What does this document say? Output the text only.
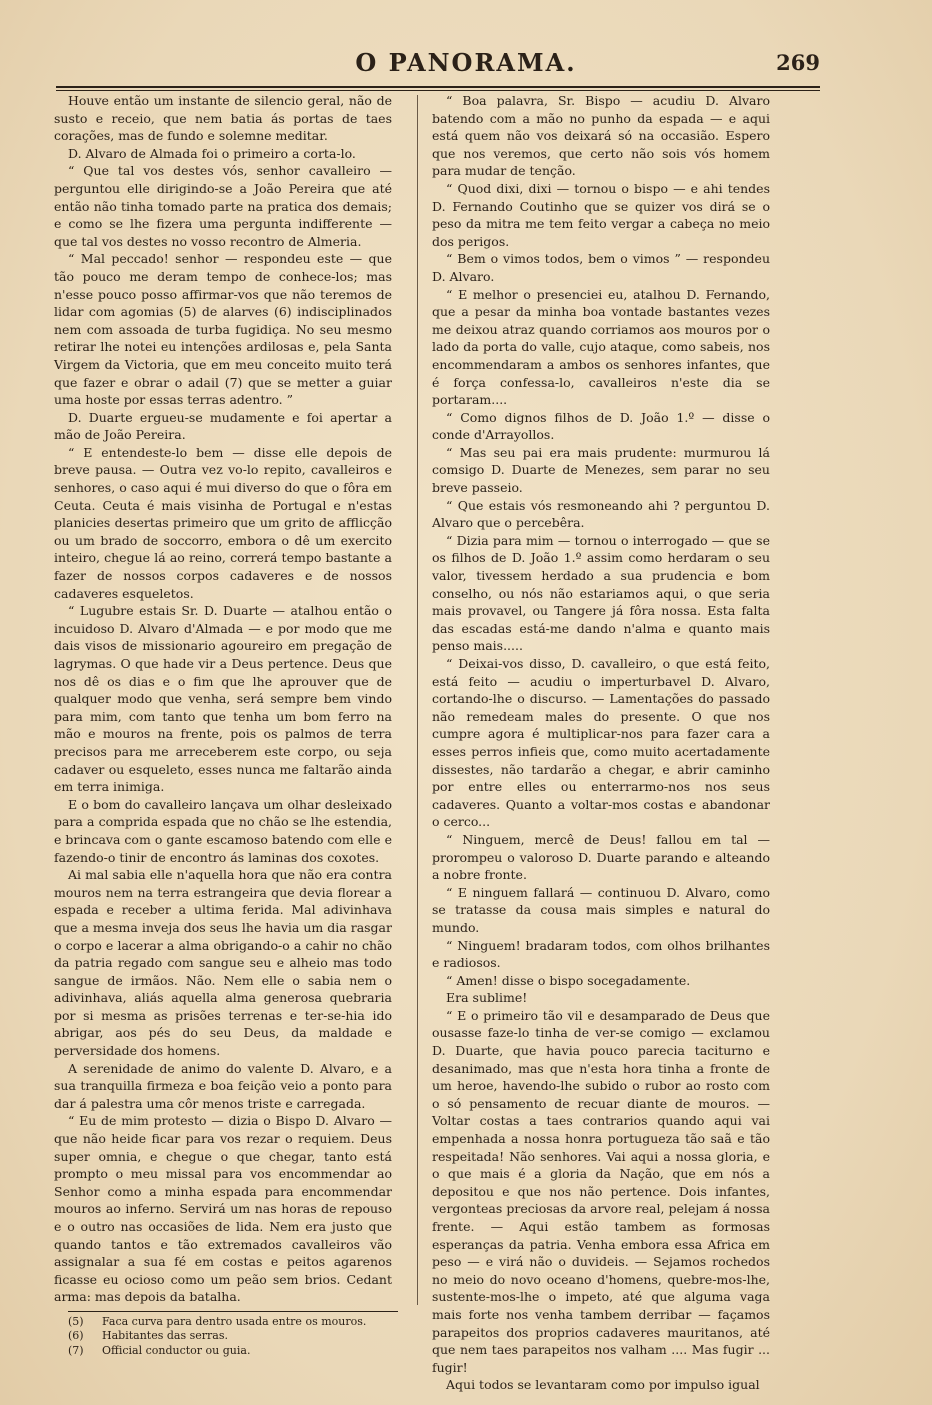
O PANORAMA.	269

Houve então um instante de silencio geral, não de susto e receio, que nem batia ás portas de taes corações, mas de fundo e solemne meditar.

D. Alvaro de Almada foi o primeiro a corta-lo.

“ Que tal vos destes vós, senhor cavalleiro — perguntou elle dirigindo-se a João Pereira que até então não tinha tomado parte na pratica dos demais; e como se lhe fizera uma pergunta indifferente — que tal vos destes no vosso recontro de Almeria.

“ Mal peccado! senhor — respondeu este — que tão pouco me deram tempo de conhece-los; mas n'esse pouco posso affirmar-vos que não teremos de lidar com agomias (5) de alarves (6) indisciplinados nem com assoada de turba fugidiça. No seu mesmo retirar lhe notei eu intenções ardilosas e, pela Santa Virgem da Victoria, que em meu conceito muito terá que fazer e obrar o adail (7) que se metter a guiar uma hoste por essas terras adentro. ”

D. Duarte ergueu-se mudamente e foi apertar a mão de João Pereira.

“ E entendeste-lo bem — disse elle depois de breve pausa. — Outra vez vo-lo repito, cavalleiros e senhores, o caso aqui é mui diverso do que o fôra em Ceuta. Ceuta é mais visinha de Portugal e n'estas planicies desertas primeiro que um grito de afflicção ou um brado de soccorro, embora o dê um exercito inteiro, chegue lá ao reino, correrá tempo bastante a fazer de nossos corpos cadaveres e de nossos cadaveres esqueletos.

“ Lugubre estais Sr. D. Duarte — atalhou então o incuidoso D. Alvaro d'Almada — e por modo que me dais visos de missionario agoureiro em pregação de lagrymas. O que hade vir a Deus pertence. Deus que nos dê os dias e o fim que lhe aprouver que de qualquer modo que venha, será sempre bem vindo para mim, com tanto que tenha um bom ferro na mão e mouros na frente, pois os palmos de terra precisos para me arreceberem este corpo, ou seja cadaver ou esqueleto, esses nunca me faltarão ainda em terra inimiga.

E o bom do cavalleiro lançava um olhar desleixado para a comprida espada que no chão se lhe estendia, e brincava com o gante escamoso batendo com elle e fazendo-o tinir de encontro ás laminas dos coxotes.

Ai mal sabia elle n'aquella hora que não era contra mouros nem na terra estrangeira que devia florear a espada e receber a ultima ferida. Mal adivinhava que a mesma inveja dos seus lhe havia um dia rasgar o corpo e lacerar a alma obrigando-o a cahir no chão da patria regado com sangue seu e alheio mas todo sangue de irmãos. Não. Nem elle o sabia nem o adivinhava, aliás aquella alma generosa quebraria por si mesma as prisões terrenas e ter-se-hia ido abrigar, aos pés do seu Deus, da maldade e perversidade dos homens.

A serenidade de animo do valente D. Alvaro, e a sua tranquilla firmeza e boa feição veio a ponto para dar á palestra uma côr menos triste e carregada.

“ Eu de mim protesto — dizia o Bispo D. Alvaro — que não heide ficar para vos rezar o requiem. Deus super omnia, e chegue o que chegar, tanto está prompto o meu missal para vos encommendar ao Senhor como a minha espada para encommendar mouros ao inferno. Servirá um nas horas de repouso e o outro nas occasiões de lida. Nem era justo que quando tantos e tão extremados cavalleiros vão assignalar a sua fé em costas e peitos agarenos ficasse eu ocioso como um peão sem brios. Cedant arma: mas depois da batalha.

(5) Faca curva para dentro usada entre os mouros.
(6) Habitantes das serras.
(7) Official conductor ou guia.

“ Boa palavra, Sr. Bispo — acudiu D. Alvaro batendo com a mão no punho da espada — e aqui está quem não vos deixará só na occasião. Espero que nos veremos, que certo não sois vós homem para mudar de tenção.

“ Quod dixi, dixi — tornou o bispo — e ahi tendes D. Fernando Coutinho que se quizer vos dirá se o peso da mitra me tem feito vergar a cabeça no meio dos perigos.

“ Bem o vimos todos, bem o vimos ” — respondeu D. Alvaro.

“ E melhor o presenciei eu, atalhou D. Fernando, que a pesar da minha boa vontade bastantes vezes me deixou atraz quando corriamos aos mouros por o lado da porta do valle, cujo ataque, como sabeis, nos encommendaram a ambos os senhores infantes, que é força confessa-lo, cavalleiros n'este dia se portaram....

“ Como dignos filhos de D. João 1.º — disse o conde d'Arrayollos.

“ Mas seu pai era mais prudente: murmurou lá comsigo D. Duarte de Menezes, sem parar no seu breve passeio.

“ Que estais vós resmoneando ahi ? perguntou D. Alvaro que o percebêra.

“ Dizia para mim — tornou o interrogado — que se os filhos de D. João 1.º assim como herdaram o seu valor, tivessem herdado a sua prudencia e bom conselho, ou nós não estariamos aqui, o que seria mais provavel, ou Tangere já fôra nossa. Esta falta das escadas está-me dando n'alma e quanto mais penso mais.....

“ Deixai-vos disso, D. cavalleiro, o que está feito, está feito — acudiu o imperturbavel D. Alvaro, cortando-lhe o discurso. — Lamentações do passado não remedeam males do presente. O que nos cumpre agora é multiplicar-nos para fazer cara a esses perros infieis que, como muito acertadamente dissestes, não tardarão a chegar, e abrir caminho por entre elles ou enterrarmo-nos nos seus cadaveres. Quanto a voltar-mos costas e abandonar o cerco...

“ Ninguem, mercê de Deus! fallou em tal — prorompeu o valoroso D. Duarte parando e alteando a nobre fronte.

“ E ninguem fallará — continuou D. Alvaro, como se tratasse da cousa mais simples e natural do mundo.

“ Ninguem! bradaram todos, com olhos brilhantes e radiosos.

“ Amen! disse o bispo socegadamente.

Era sublime!

“ E o primeiro tão vil e desamparado de Deus que ousasse faze-lo tinha de ver-se comigo — exclamou D. Duarte, que havia pouco parecia taciturno e desanimado, mas que n'esta hora tinha a fronte de um heroe, havendo-lhe subido o rubor ao rosto com o só pensamento de recuar diante de mouros. — Voltar costas a taes contrarios quando aqui vai empenhada a nossa honra portugueza tão saã e tão respeitada! Não senhores. Vai aqui a nossa gloria, e o que mais é a gloria da Nação, que em nós a depositou e que nos não pertence. Dois infantes, vergonteas preciosas da arvore real, pelejam á nossa frente. — Aqui estão tambem as formosas esperanças da patria. Venha embora essa Africa em peso — e virá não o duvideis. — Sejamos rochedos no meio do novo oceano d'homens, quebre-mos-lhe, sustente-mos-lhe o impeto, até que alguma vaga mais forte nos venha tambem derribar — façamos parapeitos dos proprios cadaveres mauritanos, até que nem taes parapeitos nos valham .... Mas fugir ... fugir!

Aqui todos se levantaram como por impulso igual
